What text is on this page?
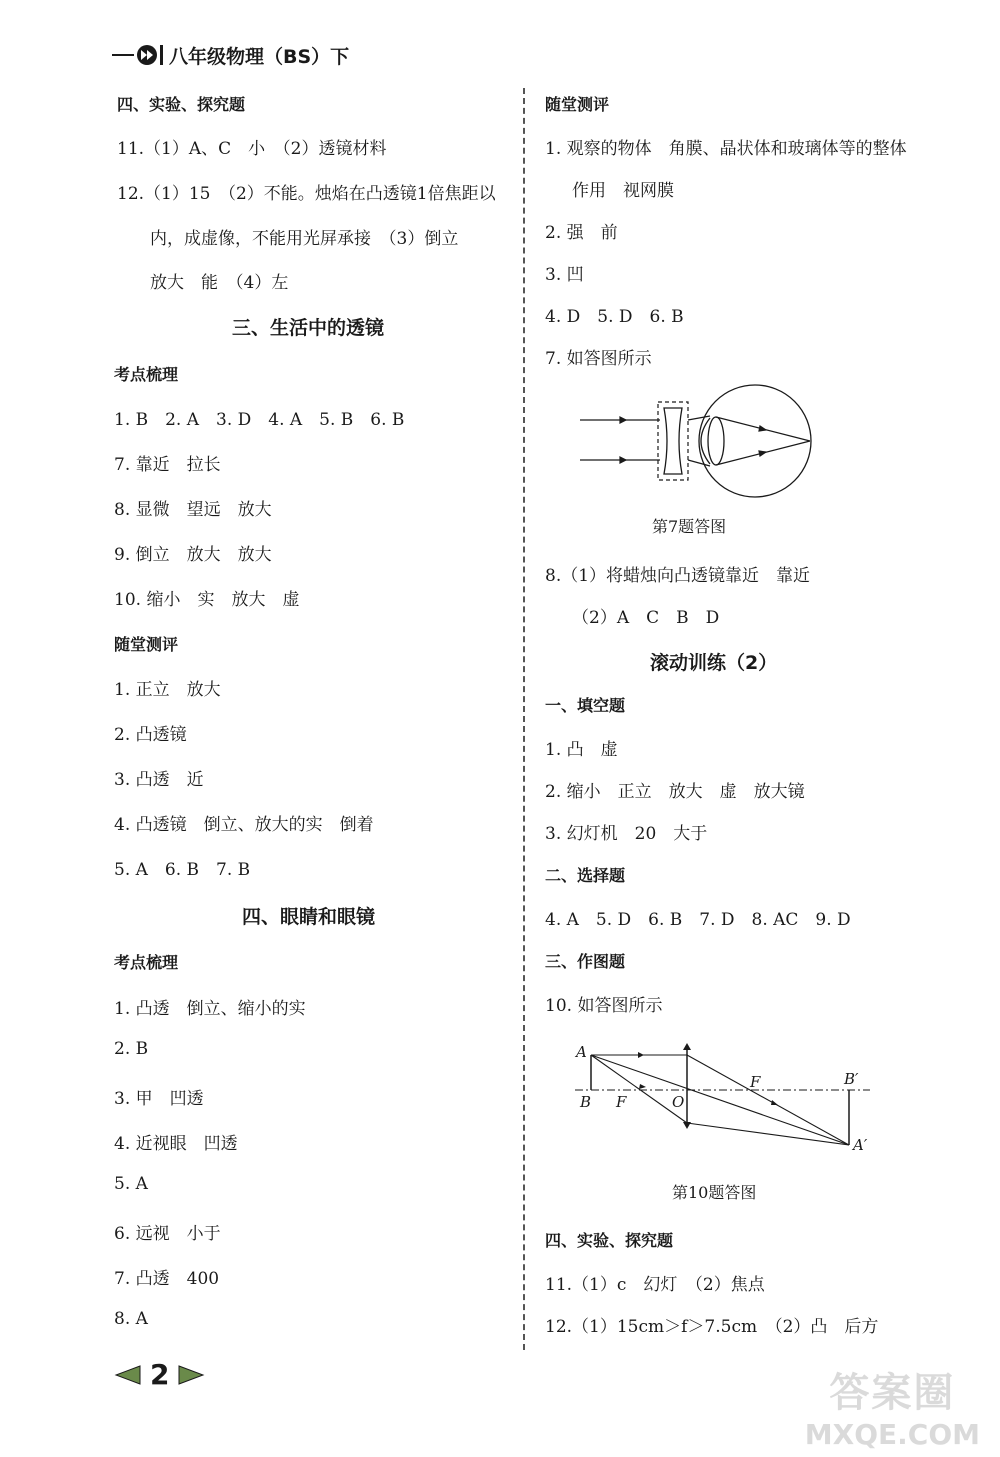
八年级物理（BS）下
四、实验、探究题
11.（1）A、C　小　（2）透镜材料
12.（1）15　（2）不能。烛焰在凸透镜1倍焦距以
内，成虚像，不能用光屏承接　（3）倒立
放大　能　（4）左
三、生活中的透镜
考点梳理
1. B　2. A　3. D　4. A　5. B　6. B
7. 靠近　拉长
8. 显微　望远　放大
9. 倒立　放大　放大
10. 缩小　实　放大　虚
随堂测评
1. 正立　放大
2. 凸透镜
3. 凸透　近
4. 凸透镜　倒立、放大的实　倒着
5. A　6. B　7. B
四、眼睛和眼镜
考点梳理
1. 凸透　倒立、缩小的实
2. B
3. 甲　凹透
4. 近视眼　凹透
5. A
6. 远视　小于
7. 凸透　400
8. A
随堂测评
1. 观察的物体　角膜、晶状体和玻璃体等的整体
作用　视网膜
2. 强　前
3. 凹
4. D　5. D　6. B
7. 如答图所示
第7题答图
8.（1）将蜡烛向凸透镜靠近　靠近
（2）A　C　B　D
滚动训练（2）
一、填空题
1. 凸　虚
2. 缩小　正立　放大　虚　放大镜
3. 幻灯机　20　大于
二、选择题
4. A　5. D　6. B　7. D　8. AC　9. D
三、作图题
10. 如答图所示
A
B F	O
F	B′
A′
第10题答图
四、实验、探究题
11.（1）c　幻灯　（2）焦点
12.（1）15cm＞f＞7.5cm　（2）凸　后方
2	答案圈
MXQE.COM
